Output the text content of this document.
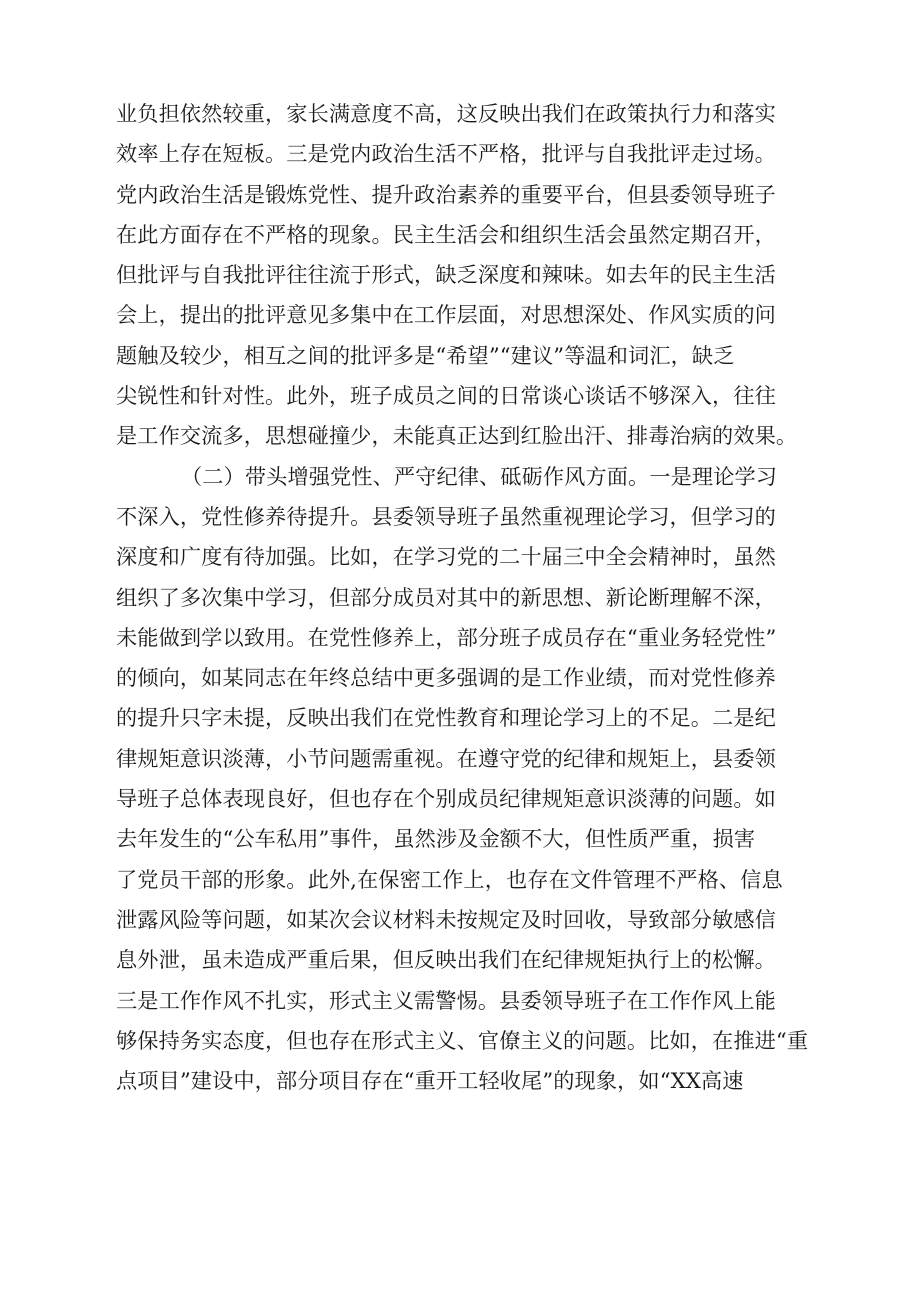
业负担依然较重，家长满意度不高，这反映出我们在政策执行力和落实
效率上存在短板。三是党内政治生活不严格，批评与自我批评走过场。
党内政治生活是锻炼党性、提升政治素养的重要平台，但县委领导班子
在此方面存在不严格的现象。民主生活会和组织生活会虽然定期召开，
但批评与自我批评往往流于形式，缺乏深度和辣味。如去年的民主生活
会上，提出的批评意见多集中在工作层面，对思想深处、作风实质的问
题触及较少，相互之间的批评多是“希望”“建议”等温和词汇，缺乏
尖锐性和针对性。此外，班子成员之间的日常谈心谈话不够深入，往往
是工作交流多，思想碰撞少，未能真正达到红脸出汗、排毒治病的效果。
（二）带头增强党性、严守纪律、砥砺作风方面。一是理论学习
不深入，党性修养待提升。县委领导班子虽然重视理论学习，但学习的
深度和广度有待加强。比如，在学习党的二十届三中全会精神时，虽然
组织了多次集中学习，但部分成员对其中的新思想、新论断理解不深，
未能做到学以致用。在党性修养上，部分班子成员存在“重业务轻党性”
的倾向，如某同志在年终总结中更多强调的是工作业绩，而对党性修养
的提升只字未提，反映出我们在党性教育和理论学习上的不足。二是纪
律规矩意识淡薄，小节问题需重视。在遵守党的纪律和规矩上，县委领
导班子总体表现良好，但也存在个别成员纪律规矩意识淡薄的问题。如
去年发生的“公车私用”事件，虽然涉及金额不大，但性质严重，损害
了党员干部的形象。此外,在保密工作上，也存在文件管理不严格、信息
泄露风险等问题，如某次会议材料未按规定及时回收，导致部分敏感信
息外泄，虽未造成严重后果，但反映出我们在纪律规矩执行上的松懈。
三是工作作风不扎实，形式主义需警惕。县委领导班子在工作作风上能
够保持务实态度，但也存在形式主义、官僚主义的问题。比如，在推进“重
点项目”建设中，部分项目存在“重开工轻收尾”的现象，如“XX高速
